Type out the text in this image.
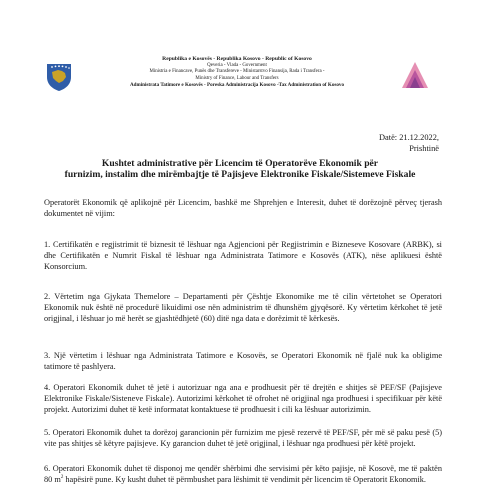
Republika e Kosovës - Republika Kosovo - Republic of Kosovo
Qeveria - Vlada - Government
Ministria e Financave, Punës dhe Transfereve - Ministarstvo Finansija, Rada i Transfera -
Ministry of Finance, Labour and Transfers
Administrata Tatimore e Kosovës - Poreska Administracija Kosovo -Tax Administration of Kosovo
Datë: 21.12.2022,
Prishtinë
Kushtet administrative për Licencim të Operatorëve Ekonomik për
furnizim, instalim dhe mirëmbajtje të Pajisjeve Elektronike Fiskale/Sistemeve Fiskale
Operatorët Ekonomik që aplikojnë për Licencim, bashkë me Shprehjen e Interesit, duhet të dorëzojnë përveç tjerash dokumentet në vijim:
1. Certifikatën e regjistrimit të biznesit të lëshuar nga Agjencioni për Regjistrimin e Bizneseve Kosovare (ARBK), si dhe Certifikatën e Numrit Fiskal të lëshuar nga Administrata Tatimore e Kosovës (ATK), nëse aplikuesi është Konsorcium.
2. Vërtetim nga Gjykata Themelore – Departamenti për Çështje Ekonomike me të cilin vërtetohet se Operatori Ekonomik nuk është në procedurë likuidimi ose nën administrim të dhunshëm gjyqësorë. Ky vërtetim kërkohet të jetë origjinal, i lëshuar jo më herët se gjashtëdhjetë (60) ditë nga data e dorëzimit të kërkesës.
3. Një vërtetim i lëshuar nga Administrata Tatimore e Kosovës, se Operatori Ekonomik në fjalë nuk ka obligime tatimore të pashlyera.
4. Operatori Ekonomik duhet të jetë i autorizuar nga ana e prodhuesit për të drejtën e shitjes së PEF/SF (Pajisjeve Elektronike Fiskale/Sisteneve Fiskale). Autorizimi kërkohet të ofrohet në origjinal nga prodhuesi i specifikuar për këtë projekt. Autorizimi duhet të ketë informatat kontaktuese të prodhuesit i cili ka lëshuar autorizimin.
5. Operatori Ekonomik duhet ta dorëzoj garancionin për furnizim me pjesë rezervë të PEF/SF, për më së paku pesë (5) vite pas shitjes së këtyre pajisjeve. Ky garancion duhet të jetë origjinal, i lëshuar nga prodhuesi për këtë projekt.
6. Operatori Ekonomik duhet të disponoj me qendër shërbimi dhe servisimi për këto pajisje, në Kosovë, me të paktën 80 $m^2$ hapësirë pune. Ky kusht duhet të përmbushet para lëshimit të vendimit për licencim të Operatorit Ekonomik.
